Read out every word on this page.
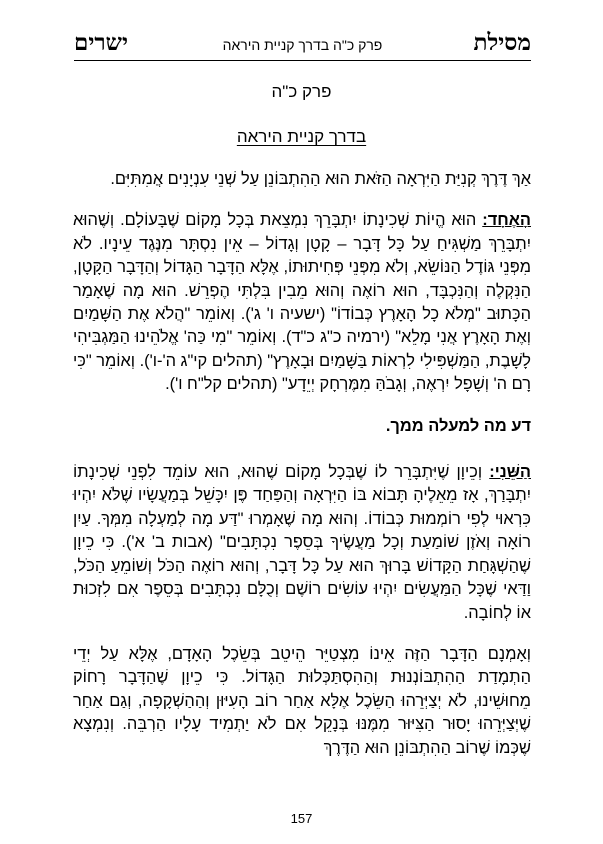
מסילת
פרק כ"ה בדרך קניית היראה
ישרים
פרק כ"ה
בדרך קניית היראה

אַךְ דֶּרֶךְ קְנִיַּת הַיִּרְאָה הַזֹּאת הוּא הַהִתְבּוֹנֵן עַל שְׁנֵי עִנְיָנִים אֲמִתִּיִּם.

הָאֶחָד: הוּא הֱיוֹת שְׁכִינָתוֹ יִתְבָּרֵךְ נִמְצֵאת בְּכָל מָקוֹם שֶׁבָּעוֹלָם. וְשֶׁהוּא יִתְבָּרֵךְ מַשְׁגִּיחַ עַל כָּל דָּבָר – קָטָן וְגָדוֹל – אֵין נִסְתָּר מִנֶּגֶד עֵינָיו. לֹא מִפְּנֵי גּוֹדֶל הַנּוֹשֵׂא, וְלֹא מִפְּנֵי פְּחִיתוּתוֹ, אֶלָּא הַדָּבָר הַגָּדוֹל וְהַדָּבָר הַקָּטָן, הַנִּקְלֶה וְהַנִּכְבָּד, הוּא רוֹאֶה וְהוּא מֵבִין בִּלְתִּי הֶפְרֵשׁ. הוּא מָה שֶׁאָמַר הַכָּתוּב "מְלֹא כָל הָאָרֶץ כְּבוֹדוֹ" (ישעיה ו' ג'). וְאוֹמֵר "הֲלֹא אֶת הַשָּׁמַיִם וְאֶת הָאָרֶץ אֲנִי מָלֵא" (ירמיה כ"ג כ"ד). וְאוֹמֵר "מִי כַּה' אֱלֹהֵינוּ הַמַּגְבִּיהִי לָשָׁבֶת, הַמַּשְׁפִּילִי לִרְאוֹת בַּשָּׁמַיִם וּבָאָרֶץ" (תהלים קי"ג ה'-ו'). וְאוֹמֵר "כִּי רָם ה' וְשָׁפָל יִרְאֶה, וְגָבֹהַּ מִמֶּרְחָק יְיֵדָע" (תהלים קל"ח ו').

דע מה למעלה ממך.

הַשֵּׁנִי: וְכֵיוָן שֶׁיִּתְבָּרֵר לוֹ שֶׁבְּכָל מָקוֹם שֶׁהוּא, הוּא עוֹמֵד לִפְנֵי שְׁכִינָתוֹ יִתְבָּרַךְ, אָז מֵאֵלֶיהָ תָּבוֹא בּוֹ הַיִּרְאָה וְהַפַּחַד פֶּן יִכָּשֵׁל בְּמַעֲשָׂיו שֶׁלֹּא יִהְיוּ כִּרְאוּי לְפִי רוֹמְמוּת כְּבוֹדוֹ. וְהוּא מָה שֶׁאָמְרוּ "דַּע מָה לְמַעְלָה מִמְּךָ. עַיִן רוֹאָה וְאֹזֶן שׁוֹמַעַת וְכָל מַעֲשֶׂיךָ בְּסֵפֶר נִכְתָּבִים" (אבות ב' א'). כִּי כֵיוָן שֶׁהַשְׁגָּחַת הַקָּדוֹשׁ בָּרוּךְ הוּא עַל כָּל דָּבָר, וְהוּא רוֹאֶה הַכֹּל וְשׁוֹמֵעַ הַכֹּל, וַדַּאי שֶׁכָּל הַמַּעֲשִׂים יִהְיוּ עוֹשִׂים רוֹשֶׁם וְכֻלָּם נִכְתָּבִים בְּסֵפֶר אִם לִזְכוּת אוֹ לְחוֹבָה.

וְאָמְנָם הַדָּבָר הַזֶּה אֵינוֹ מִצְטַיֵּר הֵיטֵב בְּשֵׂכֶל הָאָדָם, אֶלָּא עַל יְדֵי הַתְמָדַת הַהִתְבּוֹנְנוּת וְהַהִסְתַּכְּלוּת הַגָּדוֹל. כִּי כֵיוָן שֶׁהַדָּבָר רָחוֹק מֵחוּשֵׁינוּ, לֹא יְצַיְּרֵהוּ הַשֵּׂכֶל אֶלָּא אַחַר רוֹב הָעִיּוּן וְהַהַשְׁקָפָה, וְגַם אַחַר שֶׁיְּצַיְּרֵהוּ יָסוּר הַצִּיּוּר מִמֶּנּוּ בְּנָקֵל אִם לֹא יַתְמִיד עָלָיו הַרְבֵּה. וְנִמְצָא שֶׁכְּמוֹ שֶׁרוֹב הַהִתְבּוֹנֵן הוּא הַדֶּרֶךְ

157
